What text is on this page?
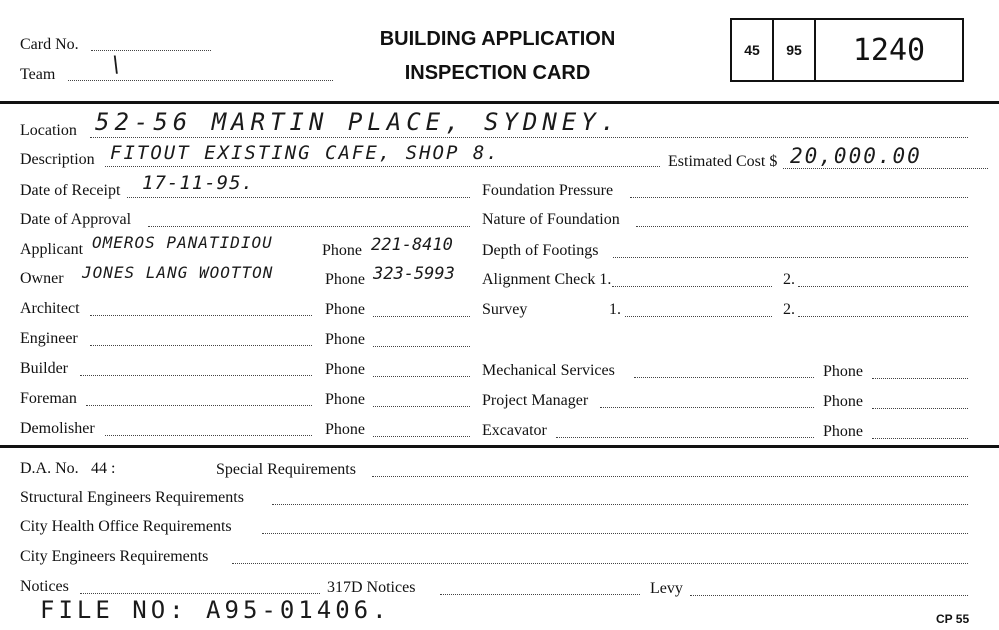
Card No.
Team \
BUILDING APPLICATION
INSPECTION CARD
45	95	1240
Location 52-56 MARTIN PLACE, SYDNEY.
Description FITOUT EXISTING CAFE, SHOP 8.	Estimated Cost $ 20,000.00
Date of Receipt 17-11-95.	Foundation Pressure
Date of Approval	Nature of Foundation
Applicant OMEROS PANATIDIOU	Phone 221-8410 Depth of Footings
Owner JONES LANG WOOTTON	Phone 323-5993 Alignment Check 1.	2.
Architect	Phone	Survey	1.	2.
Engineer	Phone
Builder	Phone	Mechanical Services	Phone
Foreman	Phone	Project Manager	Phone
Demolisher	Phone	Excavator	Phone
D.A. No. 44 :	Special Requirements
Structural Engineers Requirements
City Health Office Requirements
City Engineers Requirements
Notices	317D Notices	Levy
FILE NO: A95-01406.	CP 55
